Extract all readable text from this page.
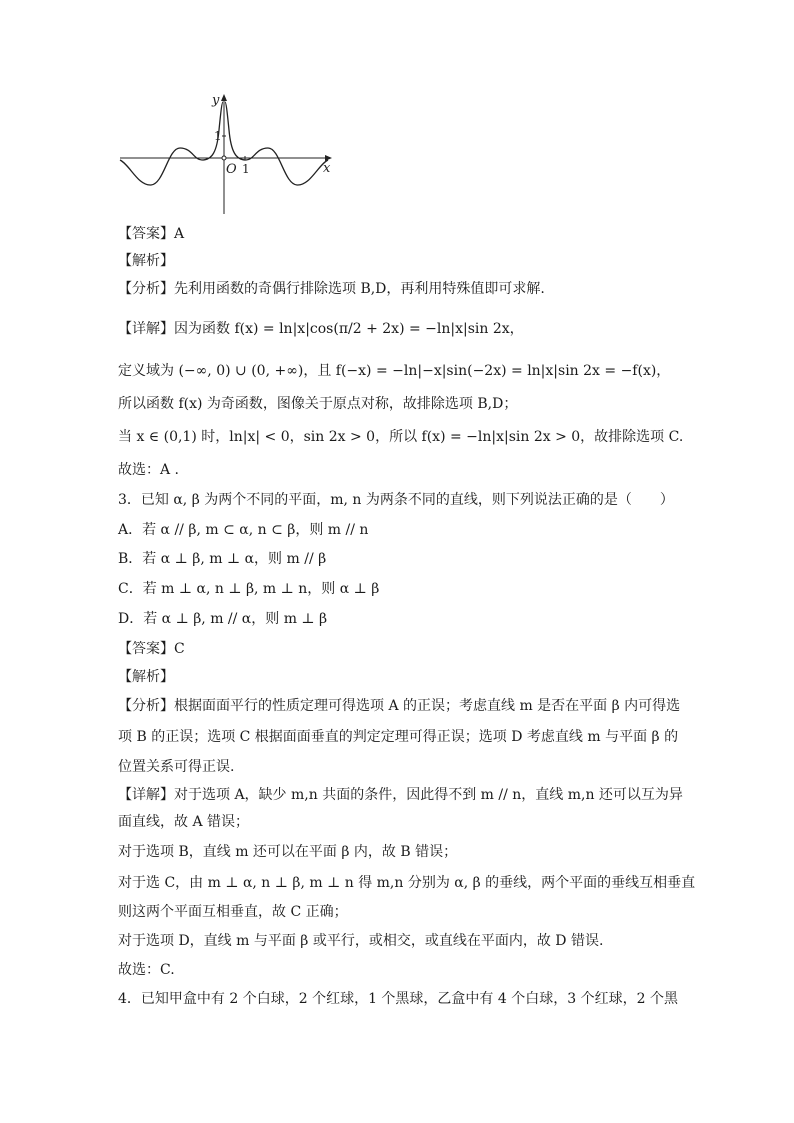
y
x
O 1
1
【答案】A
【解析】
【分析】先利用函数的奇偶行排除选项 B,D，再利用特殊值即可求解.
【详解】因为函数 f(x) = ln|x|cos(π/2 + 2x) = −ln|x|sin 2x，
定义域为 (−∞, 0) ∪ (0, +∞)，且 f(−x) = −ln|−x|sin(−2x) = ln|x|sin 2x = −f(x)，
所以函数 f(x) 为奇函数，图像关于原点对称，故排除选项 B,D；
当 x ∈ (0,1) 时，ln|x| < 0，sin 2x > 0，所以 f(x) = −ln|x|sin 2x > 0，故排除选项 C.
故选：A .
3．已知 α, β 为两个不同的平面，m, n 为两条不同的直线，则下列说法正确的是（　　）
A．若 α // β, m ⊂ α, n ⊂ β，则 m // n
B．若 α ⊥ β, m ⊥ α，则 m // β
C．若 m ⊥ α, n ⊥ β, m ⊥ n，则 α ⊥ β
D．若 α ⊥ β, m // α，则 m ⊥ β
【答案】C
【解析】
【分析】根据面面平行的性质定理可得选项 A 的正误；考虑直线 m 是否在平面 β 内可得选
项 B 的正误；选项 C 根据面面垂直的判定定理可得正误；选项 D 考虑直线 m 与平面 β 的
位置关系可得正误.
【详解】对于选项 A，缺少 m,n 共面的条件，因此得不到 m // n，直线 m,n 还可以互为异
面直线，故 A 错误；
对于选项 B，直线 m 还可以在平面 β 内，故 B 错误；
对于选 C，由 m ⊥ α, n ⊥ β, m ⊥ n 得 m,n 分别为 α, β 的垂线，两个平面的垂线互相垂直
则这两个平面互相垂直，故 C 正确；
对于选项 D，直线 m 与平面 β 或平行，或相交，或直线在平面内，故 D 错误.
故选：C.
4．已知甲盒中有 2 个白球，2 个红球，1 个黑球，乙盒中有 4 个白球，3 个红球，2 个黑
